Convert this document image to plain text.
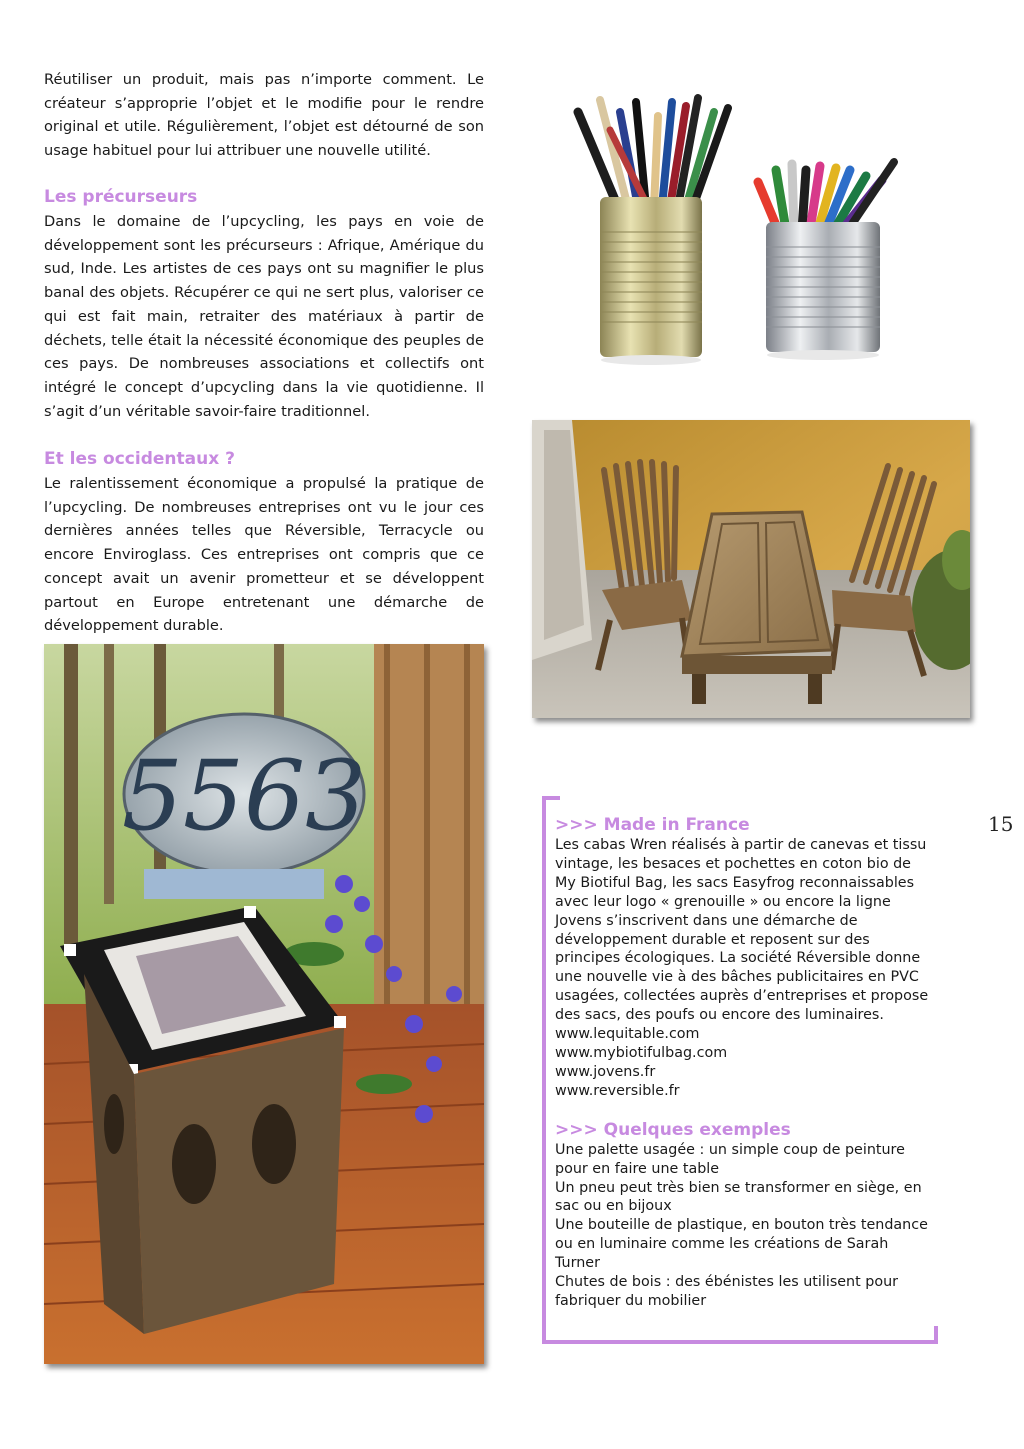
Réutiliser un produit, mais pas n’importe comment. Le créateur s’approprie l’objet et le modifie pour le rendre original et utile. Régulièrement, l’objet est détourné de son usage habituel pour lui attribuer une nouvelle utilité.
Les précurseurs

Dans le domaine de l’upcycling, les pays en voie de développement sont les précurseurs : Afrique, Amérique du sud, Inde. Les artistes de ces pays ont su magnifier le plus banal des objets. Récupérer ce qui ne sert plus, valoriser ce qui est fait main, retraiter des matériaux à partir de déchets, telle était la nécessité économique des peuples de ces pays. De nombreuses associations et collectifs ont intégré le concept d’upcycling dans la vie quotidienne. Il s’agit d’un véritable savoir-faire traditionnel.

Et les occidentaux ?

Le ralentissement économique a propulsé la pratique de l’upcycling. De nombreuses entreprises ont vu le jour ces dernières années telles que Réversible, Terracycle ou encore Enviroglass. Ces entreprises ont compris que ce concept avait un avenir prometteur et se développent partout en Europe entretenant une démarche de développement durable.

5563	15
>>> Made in France

Les cabas Wren réalisés à partir de canevas et tissu vintage, les besaces et pochettes en coton bio de My Biotiful Bag, les sacs Easyfrog reconnaissables avec leur logo « grenouille » ou encore la ligne Jovens s’inscrivent dans une démarche de développement durable et reposent sur des principes écologiques. La société Réversible donne une nouvelle vie à des bâches publicitaires en PVC usagées, collectées auprès d’entreprises et propose des sacs, des poufs ou encore des luminaires.

www.lequitable.com
www.mybiotifulbag.com
www.jovens.fr
www.reversible.fr
>>> Quelques exemples

Une palette usagée : un simple coup de peinture pour en faire une table

Un pneu peut très bien se transformer en siège, en sac ou en bijoux

Une bouteille de plastique, en bouton très tendance ou en luminaire comme les créations de Sarah Turner

Chutes de bois : des ébénistes les utilisent pour fabriquer du mobilier
